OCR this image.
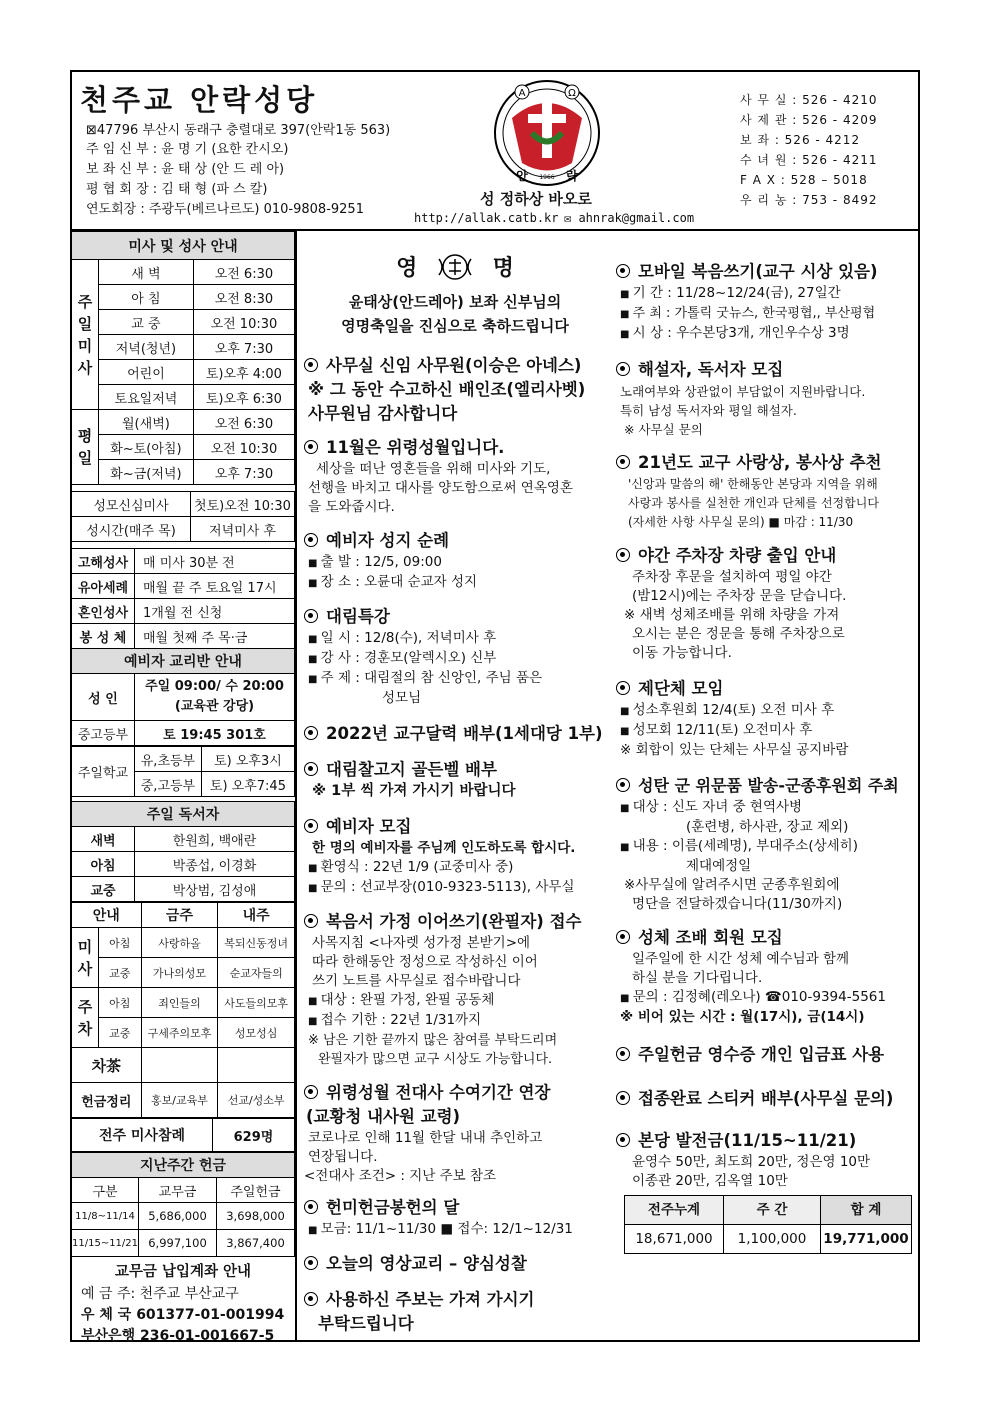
천주교 안락성당
⊠47796 부산시 동래구 충렬대로 397(안락1동 563)
주 임 신 부 : 윤 명 기 (요한 칸시오)
보 좌 신 부 : 윤 태 상 (안 드 레 아)
평 협 회 장 : 김 태 형 (파 스 칼)
연도회장 : 주광두(베르나르도) 010-9808-9251
A	Ω
안	락
1966
성 정하상 바오로
http://allak.catb.kr ✉ ahnrak@gmail.com
사 무 실 : 526 - 4210
사 제 관 : 526 - 4209
보 좌 : 526 - 4212
수 녀 원 : 526 - 4211
F A X : 528 – 5018
우 리 농 : 753 - 8492
미사 및 성사 안내		
주
일
미
사	새 벽	오전 6:30
	아 침	오전 8:30
	교 중	오전 10:30
	저녁(청년)	오후 7:30
	어린이	토)오후 4:00
	토요일저녁	토)오후 6:30
평
일	월(새벽)	오전 6:30
	화~토(아침)	오전 10:30
	화~금(저녁)	오후 7:30
성모신심미사	첫토)오전 10:30
성시간(매주 목)	저녁미사 후
고해성사	매 미사 30분 전
유아세례	매월 끝 주 토요일 17시
혼인성사	1개월 전 신청
봉 성 체	매월 첫째 주 목·금
예비자 교리반 안내	
성 인	주일 09:00/ 수 20:00
(교육관 강당)

중고등부	토 19:45 301호
주일학교	유,초등부	토) 오후3시
	중,고등부	토) 오후7:45
주일 독서자	
새벽	한원희, 백애란
아침	박종섭, 이경화
교중	박상범, 김성애
안내		금주	내주
미
사	아침	사랑하올	복되신동정녀
	교중	가나의성모	순교자들의
주
차	아침	죄인들의	사도들의모후
	교중	구세주의모후	성모성심
차茶			
헌금정리		홍보/교육부	선교/성소부
전주 미사참례	629명
지난주간 헌금		
구분	교무금	주일헌금
11/8~11/14	5,686,000	3,698,000
11/15~11/21	6,997,100	3,867,400
교무금 납입계좌 안내
예 금 주: 천주교 부산교구
우 체 국 601377-01-001994
부산은행 236-01-001667-5
영	명
윤태상(안드레아) 보좌 신부님의
영명축일을 진심으로 축하드립니다
사무실 신임 사무원(이승은 아네스)
※ 그 동안 수고하신 배인조(엘리사벳)
사무원님 감사합니다
11월은 위령성월입니다.
세상을 떠난 영혼들을 위해 미사와 기도,
선행을 바치고 대사를 양도함으로써 연옥영혼
을 도와줍시다.
예비자 성지 순례
■ 출 발 : 12/5, 09:00
■ 장 소 : 오륜대 순교자 성지
대림특강
■ 일 시 : 12/8(수), 저녁미사 후
■ 강 사 : 경훈모(알렉시오) 신부
■ 주 제 : 대림절의 참 신앙인, 주님 품은
성모님
2022년 교구달력 배부(1세대당 1부)
대림찰고지 골든벨 배부
※ 1부 씩 가져 가시기 바랍니다
예비자 모집
한 명의 예비자를 주님께 인도하도록 합시다.
■ 환영식 : 22년 1/9 (교중미사 중)
■ 문의 : 선교부장(010-9323-5113), 사무실
복음서 가정 이어쓰기(완필자) 접수
사목지침 <나자렛 성가정 본받기>에
따라 한해동안 정성으로 작성하신 이어
쓰기 노트를 사무실로 접수바랍니다
■ 대상 : 완필 가정, 완필 공동체
■ 접수 기한 : 22년 1/31까지
※ 남은 기한 끝까지 많은 참여를 부탁드리며
완필자가 많으면 교구 시상도 가능합니다.
위령성월 전대사 수여기간 연장
(교황청 내사원 교령)
코로나로 인해 11월 한달 내내 추인하고
연장됩니다.
<전대사 조건> : 지난 주보 참조
헌미헌금봉헌의 달
■ 모금: 11/1~11/30 ■ 접수: 12/1~12/31
오늘의 영상교리 – 양심성찰
사용하신 주보는 가져 가시기
부탁드립니다
모바일 복음쓰기(교구 시상 있음)
■ 기 간 : 11/28~12/24(금), 27일간
■ 주 최 : 가톨릭 굿뉴스, 한국평협,, 부산평협
■ 시 상 : 우수본당3개, 개인우수상 3명
해설자, 독서자 모집
노래여부와 상관없이 부담없이 지원바랍니다.
특히 남성 독서자와 평일 해설자.
※ 사무실 문의
21년도 교구 사랑상, 봉사상 추천
'신앙과 말씀의 해' 한해동안 본당과 지역을 위해
사랑과 봉사를 실천한 개인과 단체를 선정합니다
(자세한 사항 사무실 문의) ■ 마감 : 11/30
야간 주차장 차량 출입 안내
주차장 후문을 설치하여 평일 야간
(밤12시)에는 주차장 문을 닫습니다.
※ 새벽 성체조배를 위해 차량을 가져
오시는 분은 정문을 통해 주차장으로
이동 가능합니다.
제단체 모임
■ 성소후원회 12/4(토) 오전 미사 후
■ 성모회 12/11(토) 오전미사 후
※ 회합이 있는 단체는 사무실 공지바람
성탄 군 위문품 발송-군종후원회 주최
■ 대상 : 신도 자녀 중 현역사병
(훈련병, 하사관, 장교 제외)
■ 내용 : 이름(세례명), 부대주소(상세히)
제대예정일
※사무실에 알려주시면 군종후원회에
명단을 전달하겠습니다(11/30까지)
성체 조배 회원 모집
일주일에 한 시간 성체 예수님과 함께
하실 분을 기다립니다.
■ 문의 : 김정혜(레오나) ☎010-9394-5561
※ 비어 있는 시간 : 월(17시), 금(14시)
주일헌금 영수증 개인 입금표 사용
접종완료 스티커 배부(사무실 문의)
본당 발전금(11/15~11/21)
윤영수 50만, 최도희 20만, 정은영 10만
이종관 20만, 김옥열 10만
전주누계	주 간	합 계
18,671,000	1,100,000	19,771,000
